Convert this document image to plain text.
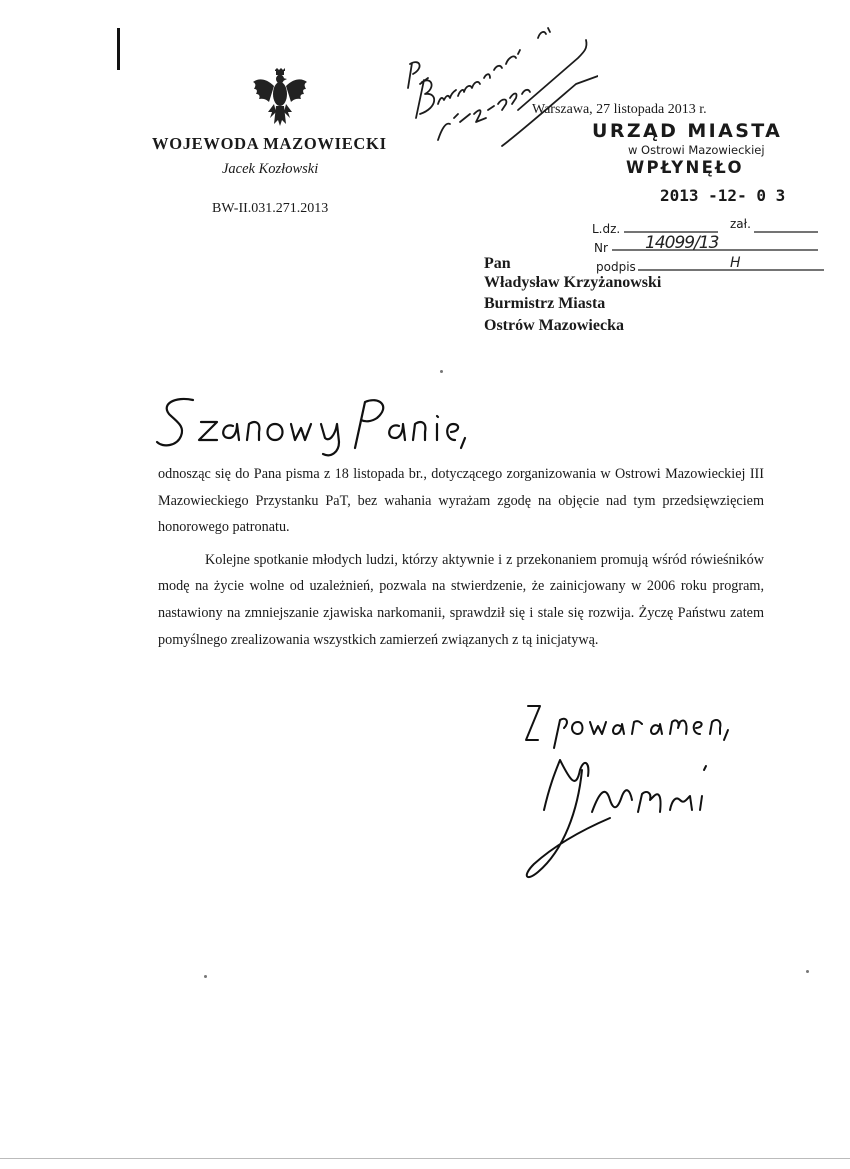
WOJEWODA MAZOWIECKI
Jacek Kozłowski
BW-II.031.271.2013
Warszawa, 27 listopada 2013 r.
URZĄD MIASTA
w Ostrowi Mazowieckiej
WPŁYNĘŁO
2013 -12- 0 3
L.dz.	zał.
Nr
podpis
14099/13
H
Pan
Władysław Krzyżanowski
Burmistrz Miasta
Ostrów Mazowiecka

odnosząc się do Pana pisma z 18 listopada br., dotyczącego zorganizowania w Ostrowi Mazowieckiej III Mazowieckiego Przystanku PaT, bez wahania wyrażam zgodę na objęcie nad tym przedsięwzięciem honorowego patronatu.

Kolejne spotkanie młodych ludzi, którzy aktywnie i z przekonaniem promują wśród rówieśników modę na życie wolne od uzależnień, pozwala na stwierdzenie, że zainicjowany w 2006 roku program, nastawiony na zmniejszanie zjawiska narkomanii, sprawdził się i stale się rozwija. Życzę Państwu zatem pomyślnego zrealizowania wszystkich zamierzeń związanych z tą inicjatywą.
